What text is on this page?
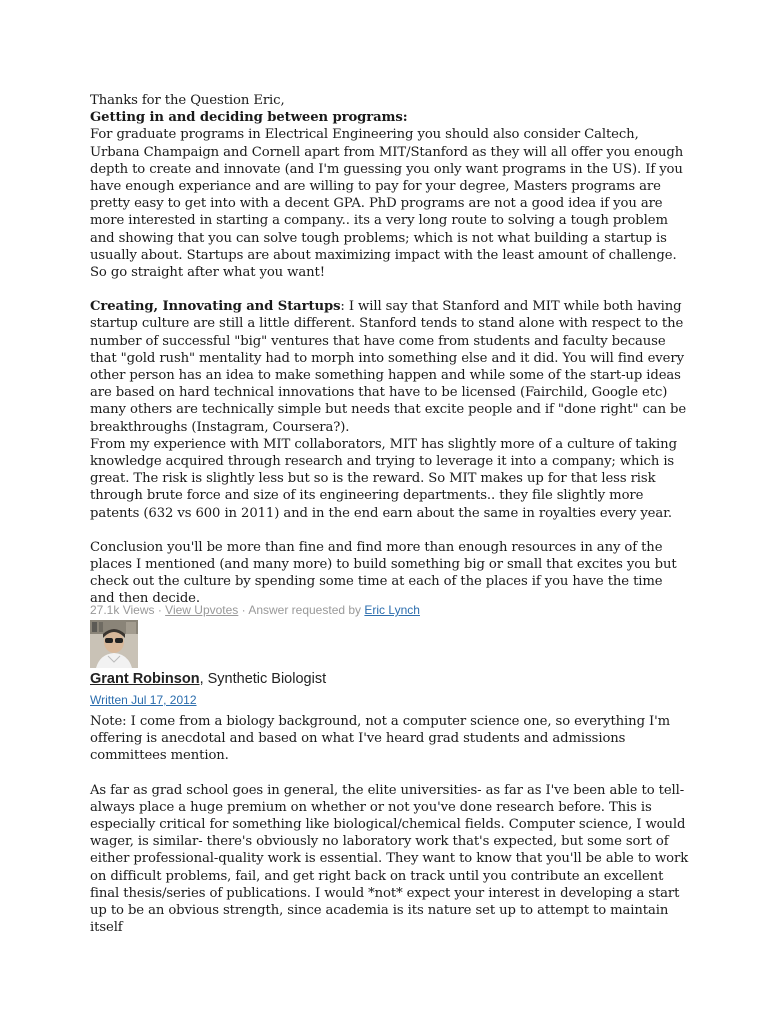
Thanks for the Question Eric,

Getting in and deciding between programs:

For graduate programs in Electrical Engineering you should also consider Caltech, Urbana Champaign and Cornell apart from MIT/Stanford as they will all offer you enough depth to create and innovate (and I'm guessing you only want programs in the US). If you have enough experiance and are willing to pay for your degree, Masters programs are pretty easy to get into with a decent GPA. PhD programs are not a good idea if you are more interested in starting a company.. its a very long route to solving a tough problem and showing that you can solve tough problems; which is not what building a startup is usually about. Startups are about maximizing impact with the least amount of challenge. So go straight after what you want!

Creating, Innovating and Startups: I will say that Stanford and MIT while both having startup culture are still a little different. Stanford tends to stand alone with respect to the number of successful "big" ventures that have come from students and faculty because that "gold rush" mentality had to morph into something else and it did. You will find every other person has an idea to make something happen and while some of the start-up ideas are based on hard technical innovations that have to be licensed (Fairchild, Google etc) many others are technically simple but needs that excite people and if "done right" can be breakthroughs (Instagram, Coursera?).

From my experience with MIT collaborators, MIT has slightly more of a culture of taking knowledge acquired through research and trying to leverage it into a company; which is great. The risk is slightly less but so is the reward. So MIT makes up for that less risk through brute force and size of its engineering departments.. they file slightly more patents (632 vs 600 in 2011) and in the end earn about the same in royalties every year.

Conclusion you'll be more than fine and find more than enough resources in any of the places I mentioned (and many more) to build something big or small that excites you but check out the culture by spending some time at each of the places if you have the time and then decide.

27.1k Views · View Upvotes · Answer requested by Eric Lynch
Grant Robinson, Synthetic Biologist
Written Jul 17, 2012

Note: I come from a biology background, not a computer science one, so everything I'm offering is anecdotal and based on what I've heard grad students and admissions committees mention.

As far as grad school goes in general, the elite universities- as far as I've been able to tell- always place a huge premium on whether or not you've done research before. This is especially critical for something like biological/chemical fields. Computer science, I would wager, is similar- there's obviously no laboratory work that's expected, but some sort of either professional-quality work is essential. They want to know that you'll be able to work on difficult problems, fail, and get right back on track until you contribute an excellent final thesis/series of publications. I would *not* expect your interest in developing a start up to be an obvious strength, since academia is its nature set up to attempt to maintain itself
